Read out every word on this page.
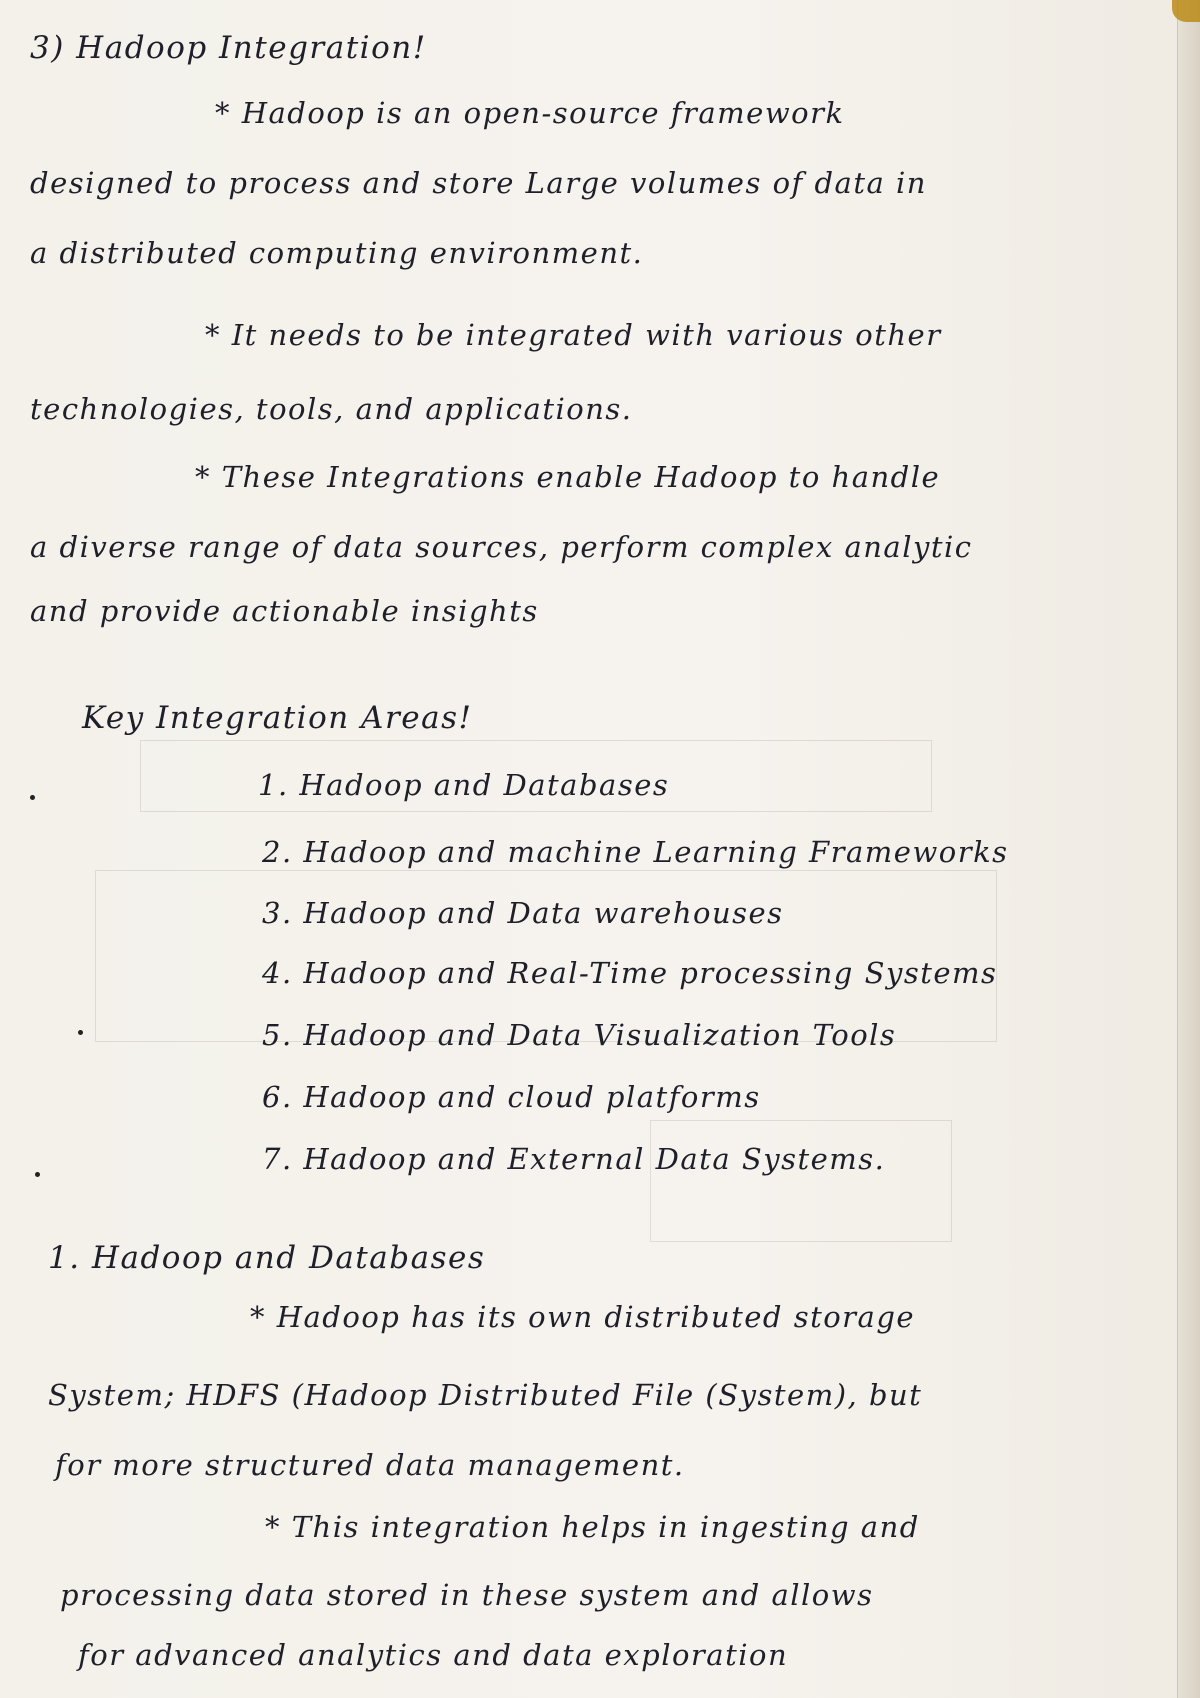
3) Hadoop Integration!
* Hadoop is an open-source framework
designed to process and store Large volumes of data in
a distributed computing environment.
* It needs to be integrated with various other
technologies, tools, and applications.
* These Integrations enable Hadoop to handle
a diverse range of data sources, perform complex analytic
and provide actionable insights
Key Integration Areas!
1. Hadoop and Databases
2. Hadoop and machine Learning Frameworks
3. Hadoop and Data warehouses
4. Hadoop and Real-Time processing Systems
5. Hadoop and Data Visualization Tools
6. Hadoop and cloud platforms
7. Hadoop and External Data Systems.
1. Hadoop and Databases
* Hadoop has its own distributed storage
System; HDFS (Hadoop Distributed File (System), but
for more structured data management.
* This integration helps in ingesting and
processing data stored in these system and allows
for advanced analytics and data exploration
